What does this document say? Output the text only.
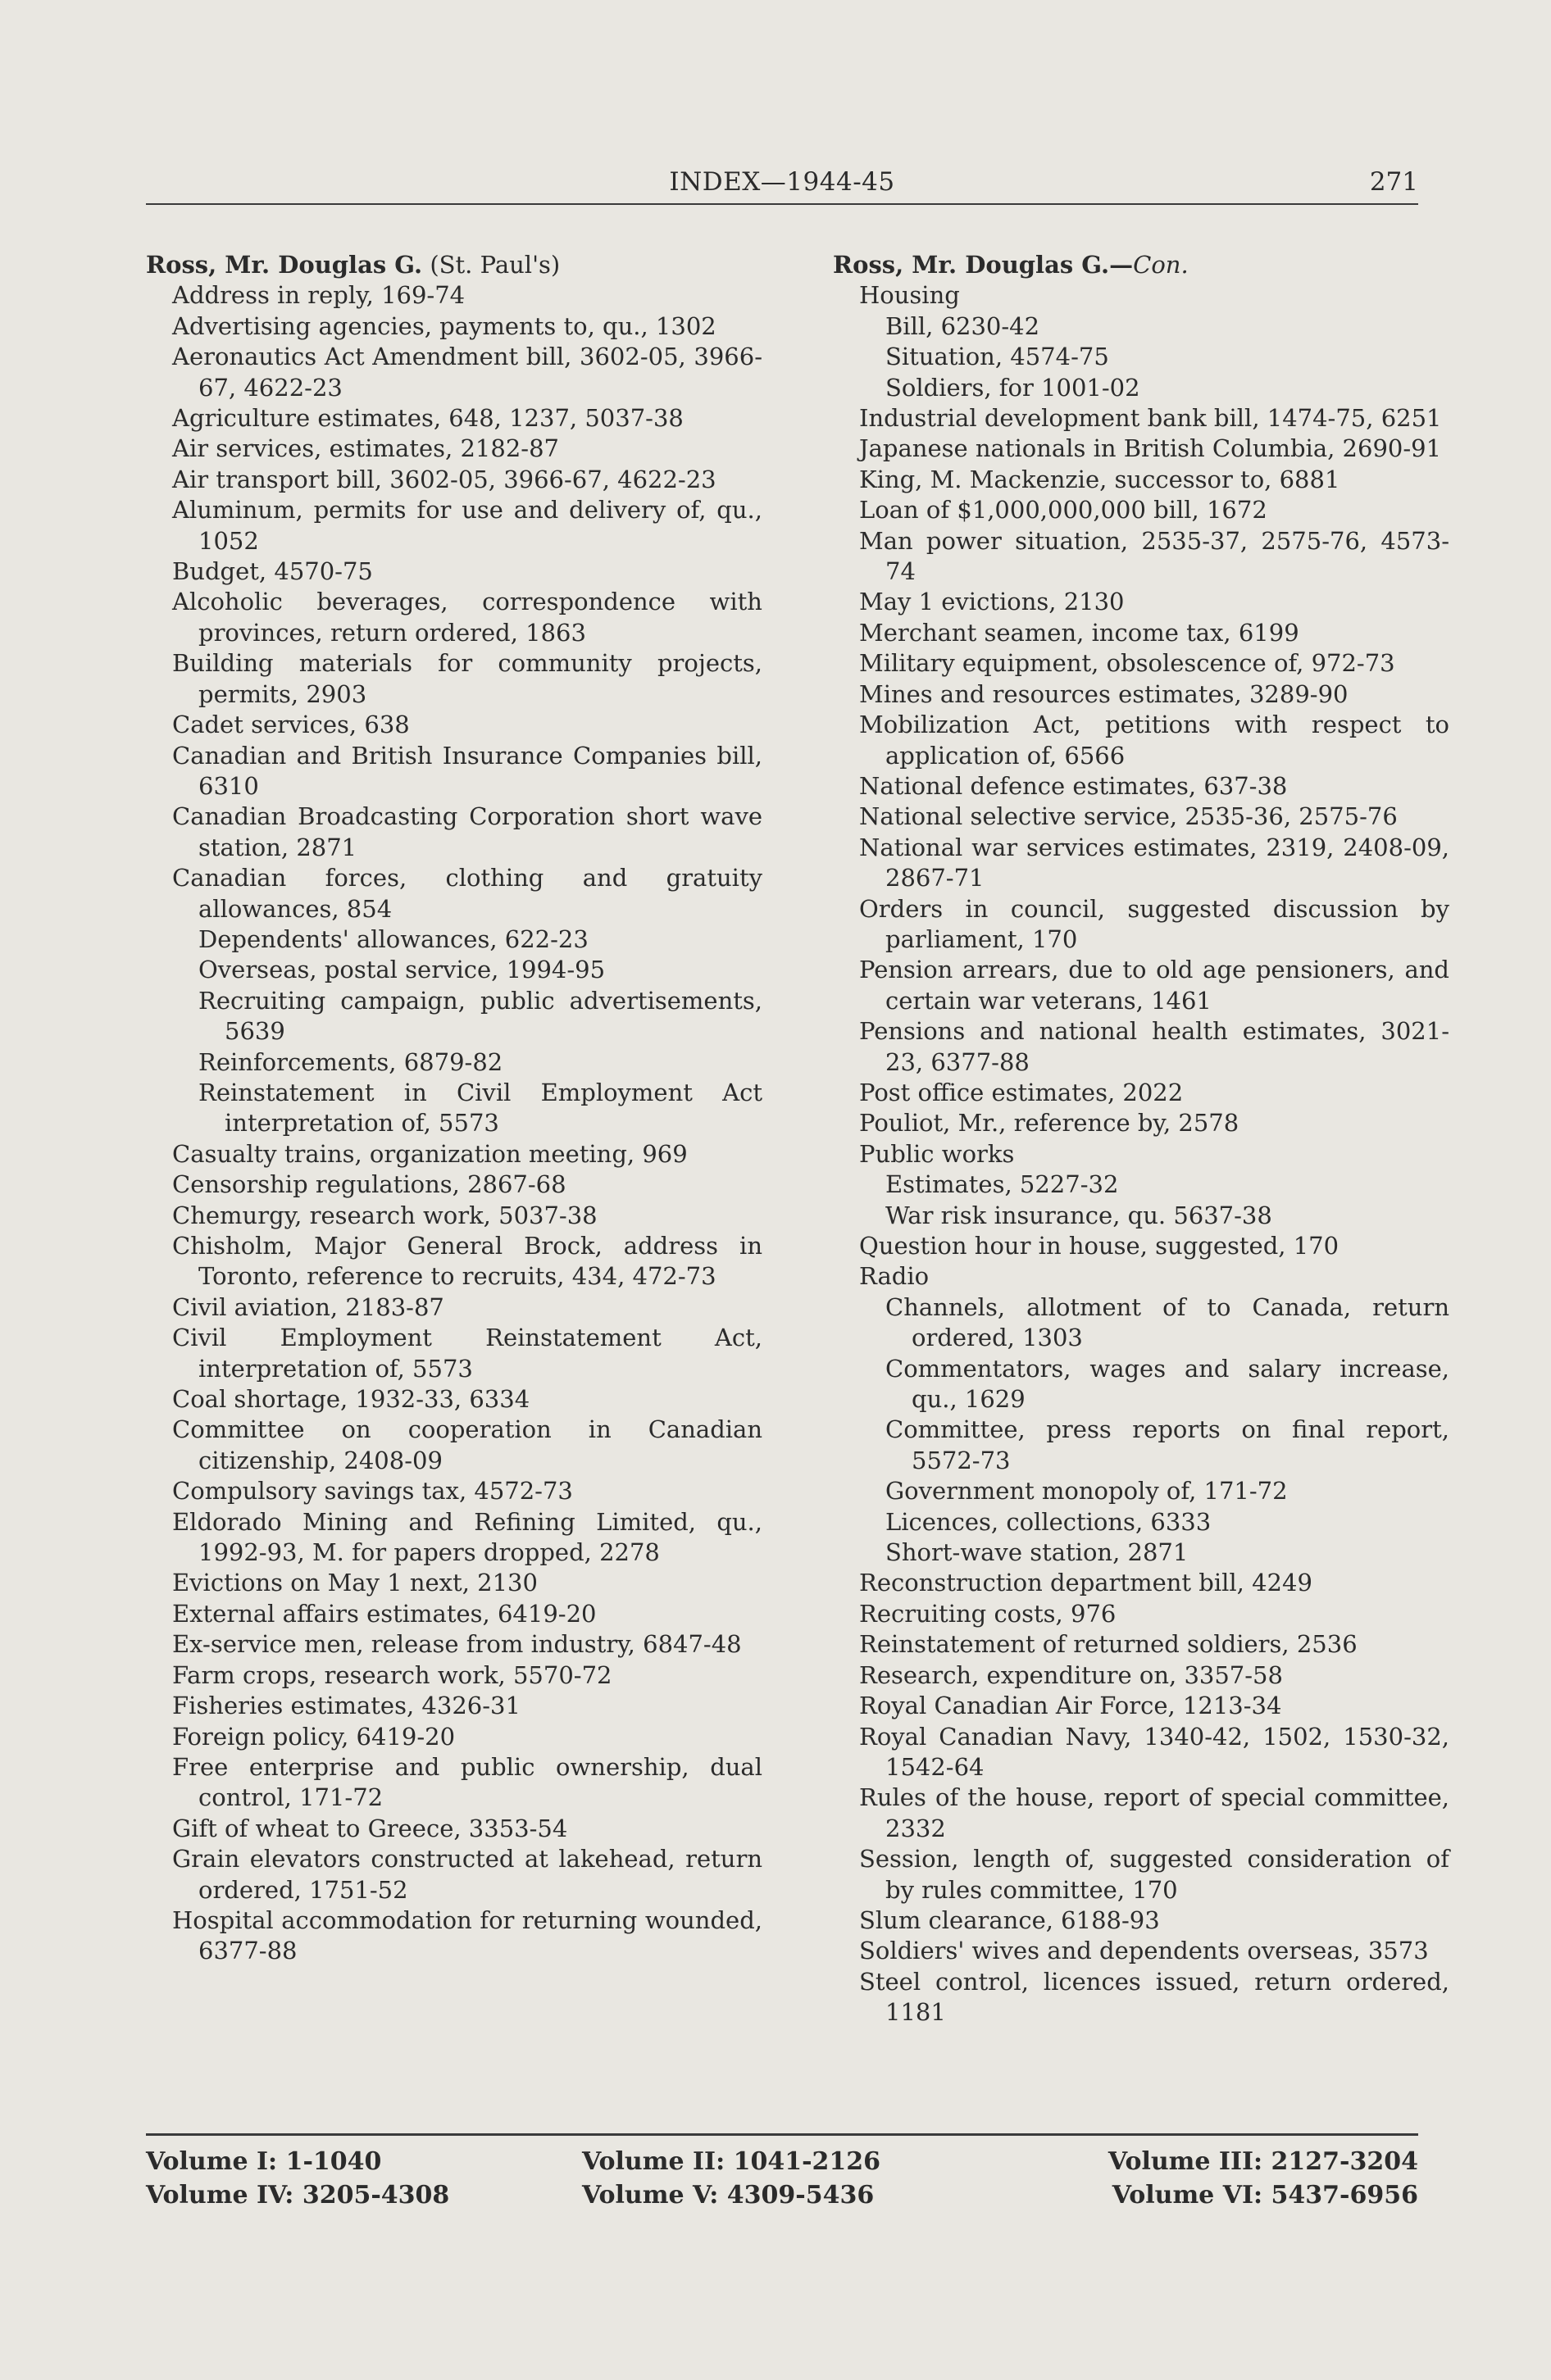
INDEX—1944-45	271
Ross, Mr. Douglas G. (St. Paul's)
Address in reply, 169-74
Advertising agencies, payments to, qu., 1302
Aeronautics Act Amendment bill, 3602-05, 3966-67, 4622-23
Agriculture estimates, 648, 1237, 5037-38
Air services, estimates, 2182-87
Air transport bill, 3602-05, 3966-67, 4622-23
Aluminum, permits for use and delivery of, qu., 1052
Budget, 4570-75
Alcoholic beverages, correspondence with provinces, return ordered, 1863
Building materials for community projects, permits, 2903
Cadet services, 638
Canadian and British Insurance Companies bill, 6310
Canadian Broadcasting Corporation short wave station, 2871
Canadian forces, clothing and gratuity allowances, 854
Dependents' allowances, 622-23
Overseas, postal service, 1994-95
Recruiting campaign, public advertisements, 5639
Reinforcements, 6879-82
Reinstatement in Civil Employment Act interpretation of, 5573
Casualty trains, organization meeting, 969
Censorship regulations, 2867-68
Chemurgy, research work, 5037-38
Chisholm, Major General Brock, address in Toronto, reference to recruits, 434, 472-73
Civil aviation, 2183-87
Civil Employment Reinstatement Act, interpretation of, 5573
Coal shortage, 1932-33, 6334
Committee on cooperation in Canadian citizenship, 2408-09
Compulsory savings tax, 4572-73
Eldorado Mining and Refining Limited, qu., 1992-93, M. for papers dropped, 2278
Evictions on May 1 next, 2130
External affairs estimates, 6419-20
Ex-service men, release from industry, 6847-48
Farm crops, research work, 5570-72
Fisheries estimates, 4326-31
Foreign policy, 6419-20
Free enterprise and public ownership, dual control, 171-72
Gift of wheat to Greece, 3353-54
Grain elevators constructed at lakehead, return ordered, 1751-52
Hospital accommodation for returning wounded, 6377-88
Ross, Mr. Douglas G.—Con.
Housing
Bill, 6230-42
Situation, 4574-75
Soldiers, for 1001-02
Industrial development bank bill, 1474-75, 6251
Japanese nationals in British Columbia, 2690-91
King, M. Mackenzie, successor to, 6881
Loan of $1,000,000,000 bill, 1672
Man power situation, 2535-37, 2575-76, 4573-74
May 1 evictions, 2130
Merchant seamen, income tax, 6199
Military equipment, obsolescence of, 972-73
Mines and resources estimates, 3289-90
Mobilization Act, petitions with respect to application of, 6566
National defence estimates, 637-38
National selective service, 2535-36, 2575-76
National war services estimates, 2319, 2408-09, 2867-71
Orders in council, suggested discussion by parliament, 170
Pension arrears, due to old age pensioners, and certain war veterans, 1461
Pensions and national health estimates, 3021-23, 6377-88
Post office estimates, 2022
Pouliot, Mr., reference by, 2578
Public works
Estimates, 5227-32
War risk insurance, qu. 5637-38
Question hour in house, suggested, 170
Radio
Channels, allotment of to Canada, return ordered, 1303
Commentators, wages and salary increase, qu., 1629
Committee, press reports on final report, 5572-73
Government monopoly of, 171-72
Licences, collections, 6333
Short-wave station, 2871
Reconstruction department bill, 4249
Recruiting costs, 976
Reinstatement of returned soldiers, 2536
Research, expenditure on, 3357-58
Royal Canadian Air Force, 1213-34
Royal Canadian Navy, 1340-42, 1502, 1530-32, 1542-64
Rules of the house, report of special committee, 2332
Session, length of, suggested consideration of by rules committee, 170
Slum clearance, 6188-93
Soldiers' wives and dependents overseas, 3573
Steel control, licences issued, return ordered, 1181
Volume I: 1-1040	Volume II: 1041-2126	Volume III: 2127-3204
Volume IV: 3205-4308	Volume V: 4309-5436	Volume VI: 5437-6956
